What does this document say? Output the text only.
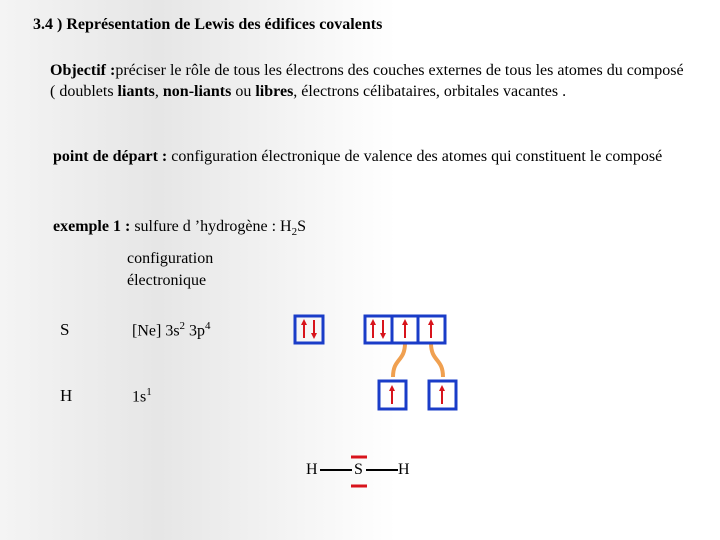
3.4 ) Représentation de Lewis des édifices covalents
Objectif :préciser le rôle de tous les électrons des couches externes de tous les atomes du composé ( doublets liants, non-liants ou libres, électrons célibataires, orbitales vacantes .
point de départ : configuration électronique de valence des atomes qui constituent le composé
exemple 1 : sulfure d ’hydrogène : $H_2S$
configuration
électronique
S	[Ne] $3s^2$ $3p^4$
H	$1s^1$
H S H
